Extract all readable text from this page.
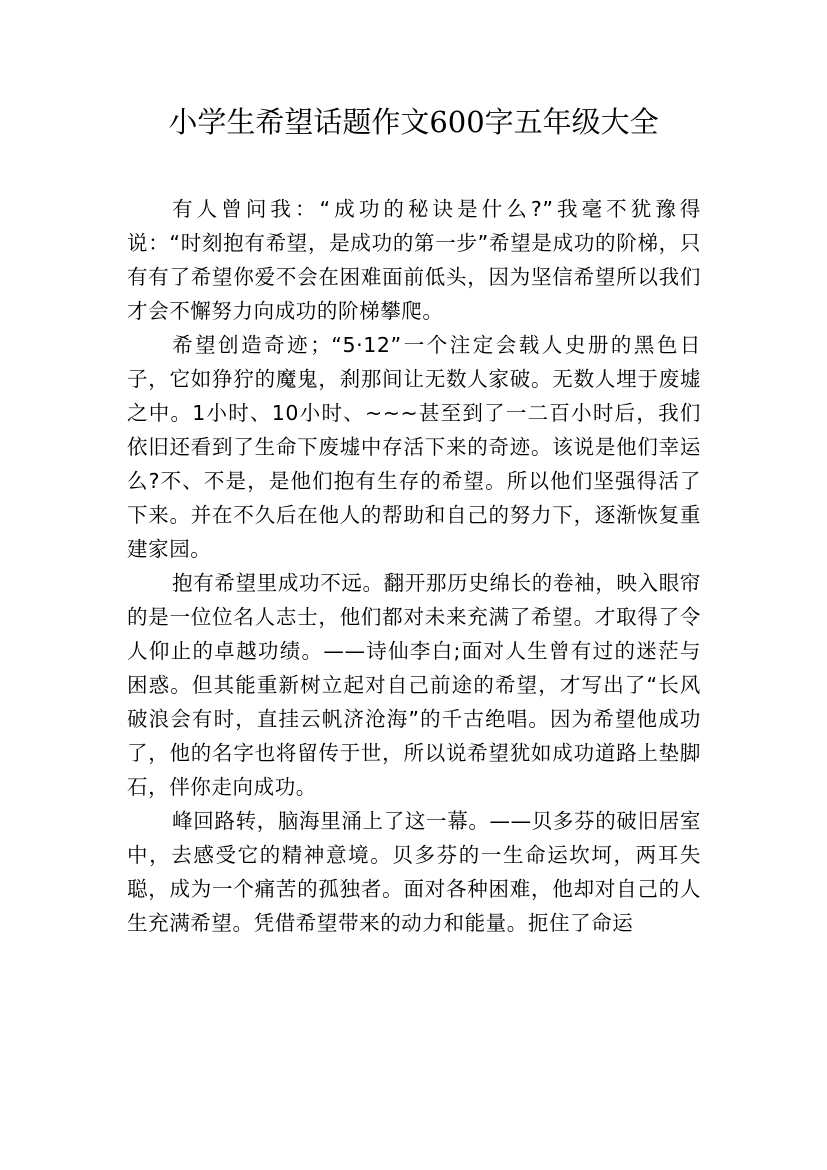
小学生希望话题作文600字五年级大全

有人曾问我：“成功的秘诀是什么?”我毫不犹豫得说：“时刻抱有希望，是成功的第一步”希望是成功的阶梯，只有有了希望你爱不会在困难面前低头，因为坚信希望所以我们才会不懈努力向成功的阶梯攀爬。

希望创造奇迹；“5·12”一个注定会载人史册的黑色日子，它如狰狞的魔鬼，刹那间让无数人家破。无数人埋于废墟之中。1小时、10小时、~~~甚至到了一二百小时后，我们依旧还看到了生命下废墟中存活下来的奇迹。该说是他们幸运么?不、不是，是他们抱有生存的希望。所以他们坚强得活了下来。并在不久后在他人的帮助和自己的努力下，逐渐恢复重建家园。

抱有希望里成功不远。翻开那历史绵长的卷袖，映入眼帘的是一位位名人志士，他们都对未来充满了希望。才取得了令人仰止的卓越功绩。——诗仙李白;面对人生曾有过的迷茫与困惑。但其能重新树立起对自己前途的希望，才写出了“长风破浪会有时，直挂云帆济沧海”的千古绝唱。因为希望他成功了，他的名字也将留传于世，所以说希望犹如成功道路上垫脚石，伴你走向成功。

峰回路转，脑海里涌上了这一幕。——贝多芬的破旧居室中，去感受它的精神意境。贝多芬的一生命运坎坷，两耳失聪，成为一个痛苦的孤独者。面对各种困难，他却对自己的人生充满希望。凭借希望带来的动力和能量。扼住了命运
